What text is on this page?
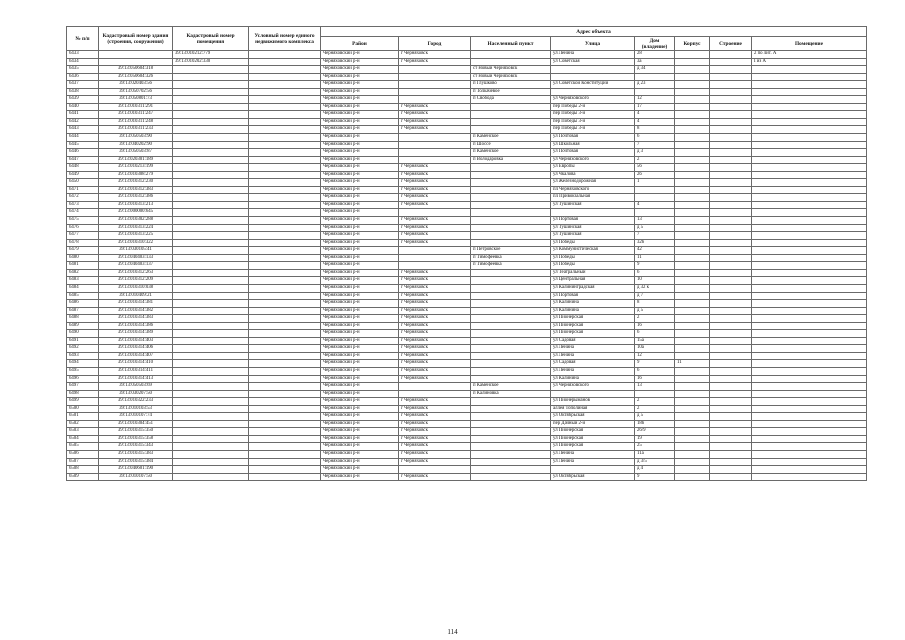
№ п/п	Кадастровый номер здания (строения, сооружения)	Кадастровый номер помещения	Условный номер единого недвижимого комплекса	Адрес объекта							
				Район	Город	Населенный пункт	Улица	Дом (владение)	Корпус	Строение	Помещение
6433		39:13:010212:779		Черняховский р-н	г Черняховск		ул Ленина	28			2 по лит. А
6434		39:13:010202:330		Черняховский р-н	г Черняховск		ул Советская	3а			I из А
6435	39:13:050604:318			Черняховский р-н		ст Новый Черняховск		д 34			
6436	39:13:050604:326			Черняховский р-н		ст Новый Черняховск					
6437	39:13:020403:56			Черняховский р-н		п Глушково	ул Советской Конституции	д 23			
6438	39:13:050702:56			Черняховский р-н		п Толкачевое					
6439	39:13:050801:73			Черняховский р-н		п Свобода	ул Черняховского	12			
6440	39:13:010311:291			Черняховский р-н	г Черняховск		пер Победы 2-й	17			
6441	39:13:010311:247			Черняховский р-н	г Черняховск		пер Победы 3-й	4			
6442	39:13:010311:248			Черняховский р-н	г Черняховск		пер Победы 3-й	4			
6443	39:13:010311:233			Черняховский р-н	г Черняховск		пер Победы 3-й	8			
6444	39:13:050503:90			Черняховский р-н		п Каменское	ул Почтовая	6			
6445	39:13:040202:90			Черняховский р-н		п Шоссе	ул Школьная	7			
6446	39:13:050503:87			Черняховский р-н		п Каменское	ул Почтовая	д 3			
6447	39:13:020301:189			Черняховский р-н		п Володаровка	ул Черняховского	2			
6448	39:13:010213:199			Черняховский р-н	г Черняховск		ул Европы	56			
6449	39:13:010308:279			Черняховский р-н	г Черняховск		ул Чкалова	2б			
6450	39:13:010312:230			Черняховский р-н	г Черняховск		ул Железнодорожная	1			
6471	39:13:010312:383			Черняховский р-н	г Черняховск		пл Черняховского				
6472	39:13:010312:386			Черняховский р-н	г Черняховск		пл Привокзальная				
6473	39:13:010313:213			Черняховский р-н	г Черняховск		ул Тушинская	4			
6474	39:13:000000:645			Черняховский р-н							
6475	39:13:010302:288			Черняховский р-н	г Черняховск		ул Портовая	13			
6476	39:13:010313:224			Черняховский р-н	г Черняховск		ул Тушинская	д 5			
6477	39:13:010313:225			Черняховский р-н	г Черняховск		ул Тушинская	7			
6478	39:13:010310:322			Черняховский р-н	г Черняховск		ул Победы	32б			
6479	39:13:030105:41			Черняховский р-н		п Петровское	ул Коммунистическая	42			
6480	39:13:040403:133			Черняховский р-н		п Тимофеевка	ул Победы	11			
6481	39:13:040403:137			Черняховский р-н		п Тимофеевка	ул Победы	9			
6482	39:13:010312:263			Черняховский р-н	г Черняховск		ул Театральный	6			
6483	39:13:010312:209			Черняховский р-н	г Черняховск		ул Центральная	10			
6484	39:13:010310:038			Черняховский р-н	г Черняховск		ул Калининградская	д 32 к			
6485	39:13:010409:21			Черняховский р-н	г Черняховск		ул Портовая	д 7			
6486	39:13:010314:381			Черняховский р-н	г Черняховск		ул Калинина	8			
6487	39:13:010314:382			Черняховский р-н	г Черняховск		ул Калинина	д 5			
6488	39:13:010314:383			Черняховский р-н	г Черняховск		ул Пионерская	2			
6489	39:13:010314:386			Черняховский р-н	г Черняховск		ул Пионерская	16			
6490	39:13:010314:389			Черняховский р-н	г Черняховск		ул Пионерская	6			
6491	39:13:010314:403			Черняховский р-н	г Черняховск		ул Садовая	15а			
6492	39:13:010314:406			Черняховский р-н	г Черняховск		ул Ленина	10а			
6493	39:13:010314:407			Черняховский р-н	г Черняховск		ул Ленина	12			
6494	39:13:010314:410			Черняховский р-н	г Черняховск		ул Садовая	9	11		
6495	39:13:010314:411			Черняховский р-н	г Черняховск		ул Ленина	6			
6496	39:13:010314:413			Черняховский р-н	г Черняховск		ул Калинина	16			
6497	39:13:050503:69			Черняховский р-н		п Каменское	ул Черняховского	13			
6498	39:13:030207:50			Черняховский р-н		п Калиновка					
6499	39:13:010322:233			Черняховский р-н	г Черняховск		ул Пионерыманов	2			
6500	39:13:010103:53			Черняховский р-н	г Черняховск		аллея Тополиная	2			
6501	39:13:010107:74			Черняховский р-н	г Черняховск		ул Октябрьская	д 5			
6502	39:13:010304:451			Черняховский р-н	г Черняховск		пер Дачный 2-й	18б			
6503	39:13:010315:350			Черняховский р-н	г Черняховск		ул Пионерская	26/9			
6504	39:13:010315:358			Черняховский р-н	г Черняховск		ул Пионерская	19			
6505	39:13:010315:343			Черняховский р-н	г Черняховск		ул Пионерская	25			
6506	39:13:010315:383			Черняховский р-н	г Черняховск		ул Ленина	11а			
6507	39:13:010315:384			Черняховский р-н	г Черняховск		ул Ленина	д 3/5			
6508	39:13:040601:190			Черняховский р-н				д 4			
6509	39:13:010107:50			Черняховский р-н	г Черняховск		ул Октябрьская	9			
114
